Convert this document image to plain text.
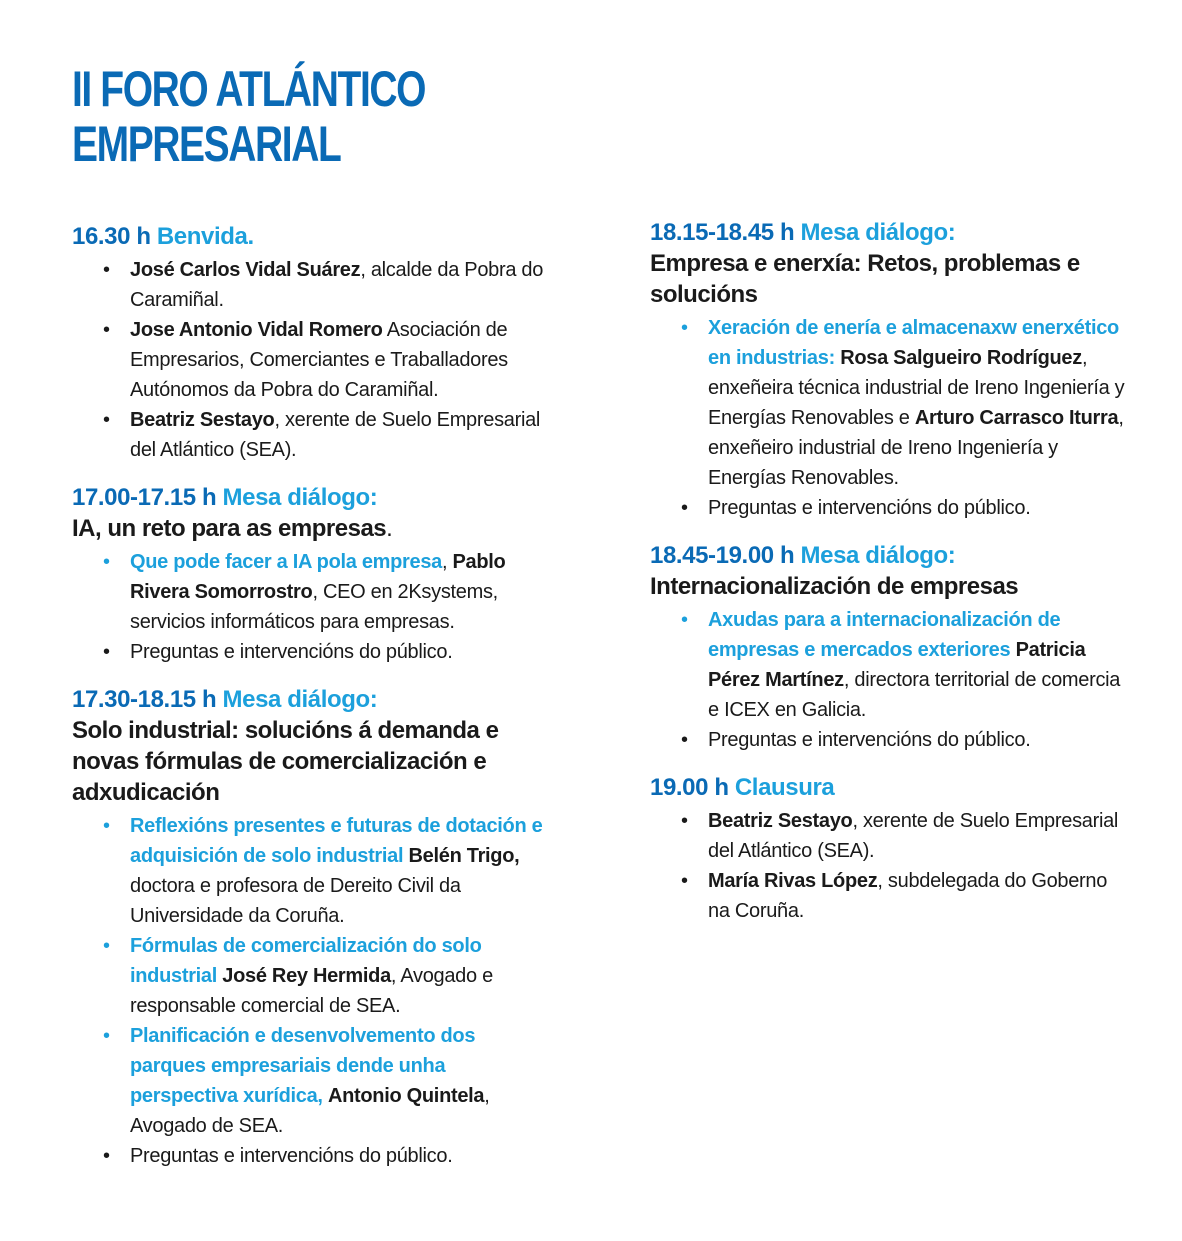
II FORO ATLÁNTICO
EMPRESARIAL

16.30 h Benvida.

• José Carlos Vidal Suárez, alcalde da Pobra do Caramiñal.
• Jose Antonio Vidal Romero Asociación de Empresarios, Comerciantes e Traballadores Autónomos da Pobra do Caramiñal.
• Beatriz Sestayo, xerente de Suelo Empresarial del Atlántico (SEA).

17.00-17.15 h Mesa diálogo:

IA, un reto para as empresas.

• Que pode facer a IA pola empresa, Pablo Rivera Somorrostro, CEO en 2Ksystems, servicios informáticos para empresas.
• Preguntas e intervencións do público.

17.30-18.15 h Mesa diálogo:

Solo industrial: solucións á demanda e novas fórmulas de comercialización e adxudicación

• Reflexións presentes e futuras de dotación e adquisición de solo industrial Belén Trigo, doctora e profesora de Dereito Civil da Universidade da Coruña.
• Fórmulas de comercialización do solo industrial José Rey Hermida, Avogado e responsable comercial de SEA.
• Planificación e desenvolvemento dos parques empresariais dende unha perspectiva xurídica, Antonio Quintela, Avogado de SEA.
• Preguntas e intervencións do público.

18.15-18.45 h Mesa diálogo:

Empresa e enerxía: Retos, problemas e solucións

• Xeración de enería e almacenaxw enerxético en industrias: Rosa Salgueiro Rodríguez, enxeñeira técnica industrial de Ireno Ingeniería y Energías Renovables e Arturo Carrasco Iturra, enxeñeiro industrial de Ireno Ingeniería y Energías Renovables.
• Preguntas e intervencións do público.

18.45-19.00 h Mesa diálogo:

Internacionalización de empresas

• Axudas para a internacionalización de empresas e mercados exteriores Patricia Pérez Martínez, directora territorial de comercia e ICEX en Galicia.
• Preguntas e intervencións do público.

19.00 h Clausura

• Beatriz Sestayo, xerente de Suelo Empresarial del Atlántico (SEA).
• María Rivas López, subdelegada do Goberno na Coruña.
